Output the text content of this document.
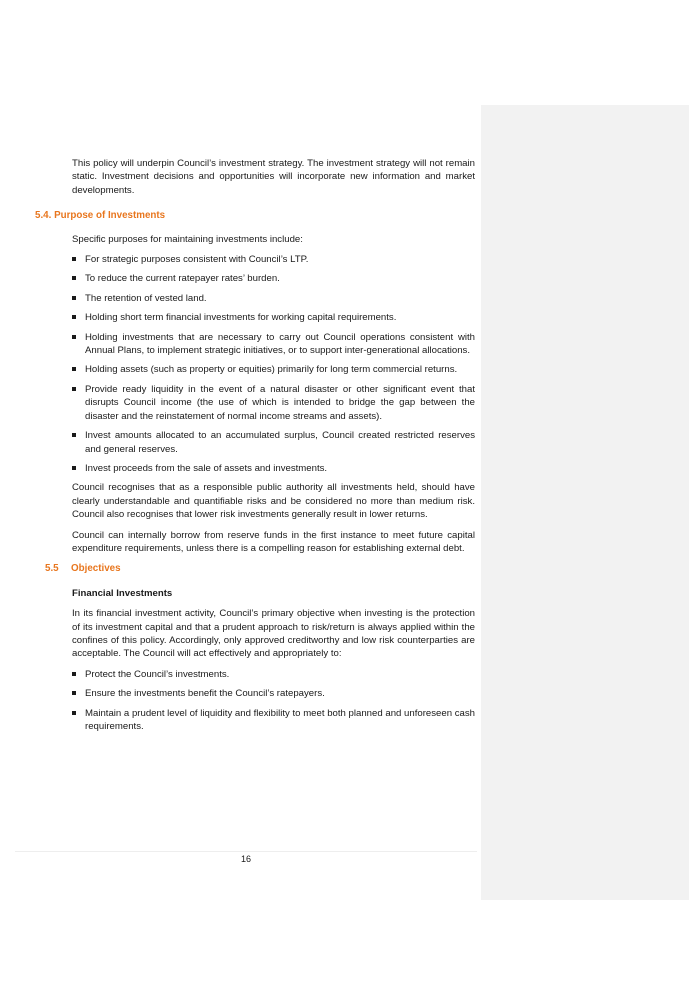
This policy will underpin Council’s investment strategy. The investment strategy will not remain static. Investment decisions and opportunities will incorporate new information and market developments.

5.4. Purpose of Investments

Specific purposes for maintaining investments include:

For strategic purposes consistent with Council’s LTP.
To reduce the current ratepayer rates’ burden.
The retention of vested land.
Holding short term financial investments for working capital requirements.
Holding investments that are necessary to carry out Council operations consistent with Annual Plans, to implement strategic initiatives, or to support inter-generational allocations.
Holding assets (such as property or equities) primarily for long term commercial returns.
Provide ready liquidity in the event of a natural disaster or other significant event that disrupts Council income (the use of which is intended to bridge the gap between the disaster and the reinstatement of normal income streams and assets).
Invest amounts allocated to an accumulated surplus, Council created restricted reserves and general reserves.
Invest proceeds from the sale of assets and investments.

Council recognises that as a responsible public authority all investments held, should have clearly understandable and quantifiable risks and be considered no more than medium risk. Council also recognises that lower risk investments generally result in lower returns.

Council can internally borrow from reserve funds in the first instance to meet future capital expenditure requirements, unless there is a compelling reason for establishing external debt.

5.5 Objectives
Financial Investments

In its financial investment activity, Council’s primary objective when investing is the protection of its investment capital and that a prudent approach to risk/return is always applied within the confines of this policy. Accordingly, only approved creditworthy and low risk counterparties are acceptable. The Council will act effectively and appropriately to:

Protect the Council’s investments.
Ensure the investments benefit the Council’s ratepayers.
Maintain a prudent level of liquidity and flexibility to meet both planned and unforeseen cash requirements.
16
